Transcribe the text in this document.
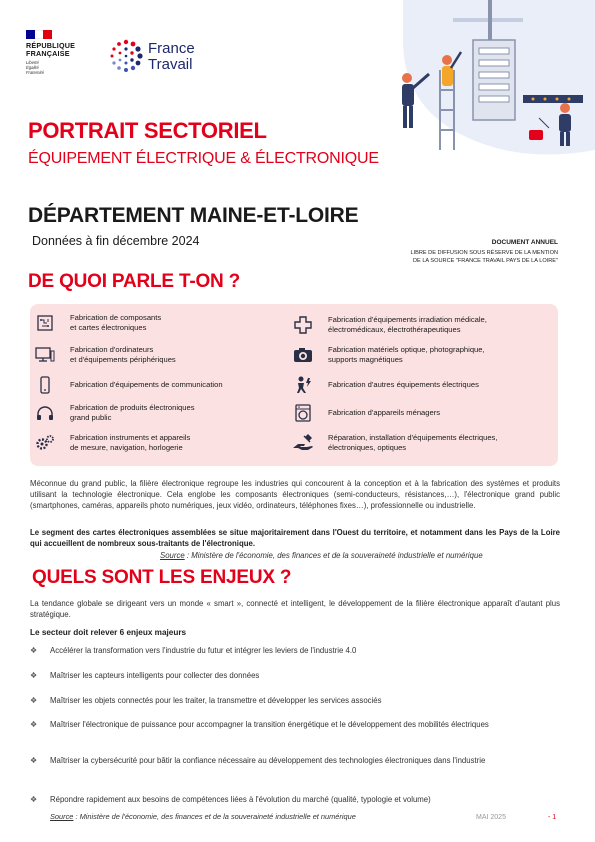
RÉPUBLIQUE
FRANÇAISE
Liberté
Égalité
Fraternité
France
Travail
PORTRAIT SECTORIEL
ÉQUIPEMENT ÉLECTRIQUE & ÉLECTRONIQUE
DÉPARTEMENT MAINE-ET-LOIRE
Données à fin décembre 2024	DOCUMENT ANNUEL
LIBRE DE DIFFUSION SOUS RÉSERVE DE LA MENTION
DE LA SOURCE "FRANCE TRAVAIL PAYS DE LA LOIRE"
DE QUOI PARLE T-ON ?
Fabrication de composants
et cartes électroniques
Fabrication d'ordinateurs
et d'équipements périphériques
Fabrication d'équipements de communication
Fabrication de produits électroniques
grand public
Fabrication instruments et appareils
de mesure, navigation, horlogerie
Fabrication d'équipements irradiation médicale,
électromédicaux, électrothérapeutiques
Fabrication matériels optique, photographique,
supports magnétiques
Fabrication d'autres équipements électriques
Fabrication d'appareils ménagers
Réparation, installation d'équipements électriques,
électroniques, optiques
Méconnue du grand public, la filière électronique regroupe les industries qui concourent à la conception et à la fabrication des systèmes et produits utilisant la technologie électronique. Cela englobe les composants électroniques (semi-conducteurs, résistances,…), l'électronique grand public (smartphones, caméras, appareils photo numériques, jeux vidéo, ordinateurs, téléphones fixes…), professionnelle ou industrielle.
Le segment des cartes électroniques assemblées se situe majoritairement dans l'Ouest du territoire, et notamment dans les Pays de la Loire qui accueillent de nombreux sous-traitants de l'électronique.
Source : Ministère de l'économie, des finances et de la souveraineté industrielle et numérique
QUELS SONT LES ENJEUX ?
La tendance globale se dirigeant vers un monde « smart », connecté et intelligent, le développement de la filière électronique apparaît d'autant plus stratégique.
Le secteur doit relever 6 enjeux majeurs
❖	Accélérer la transformation vers l'industrie du futur et intégrer les leviers de l'industrie 4.0
❖	Maîtriser les capteurs intelligents pour collecter des données
❖	Maîtriser les objets connectés pour les traiter, la transmettre et développer les services associés
❖	Maîtriser l'électronique de puissance pour accompagner la transition énergétique et le développement des mobilités électriques
❖	Maîtriser la cybersécurité pour bâtir la confiance nécessaire au développement des technologies électroniques dans l'industrie
❖	Répondre rapidement aux besoins de compétences liées à l'évolution du marché (qualité, typologie et volume)
Source : Ministère de l'économie, des finances et de la souveraineté industrielle et numérique	MAI 2025	- 1
